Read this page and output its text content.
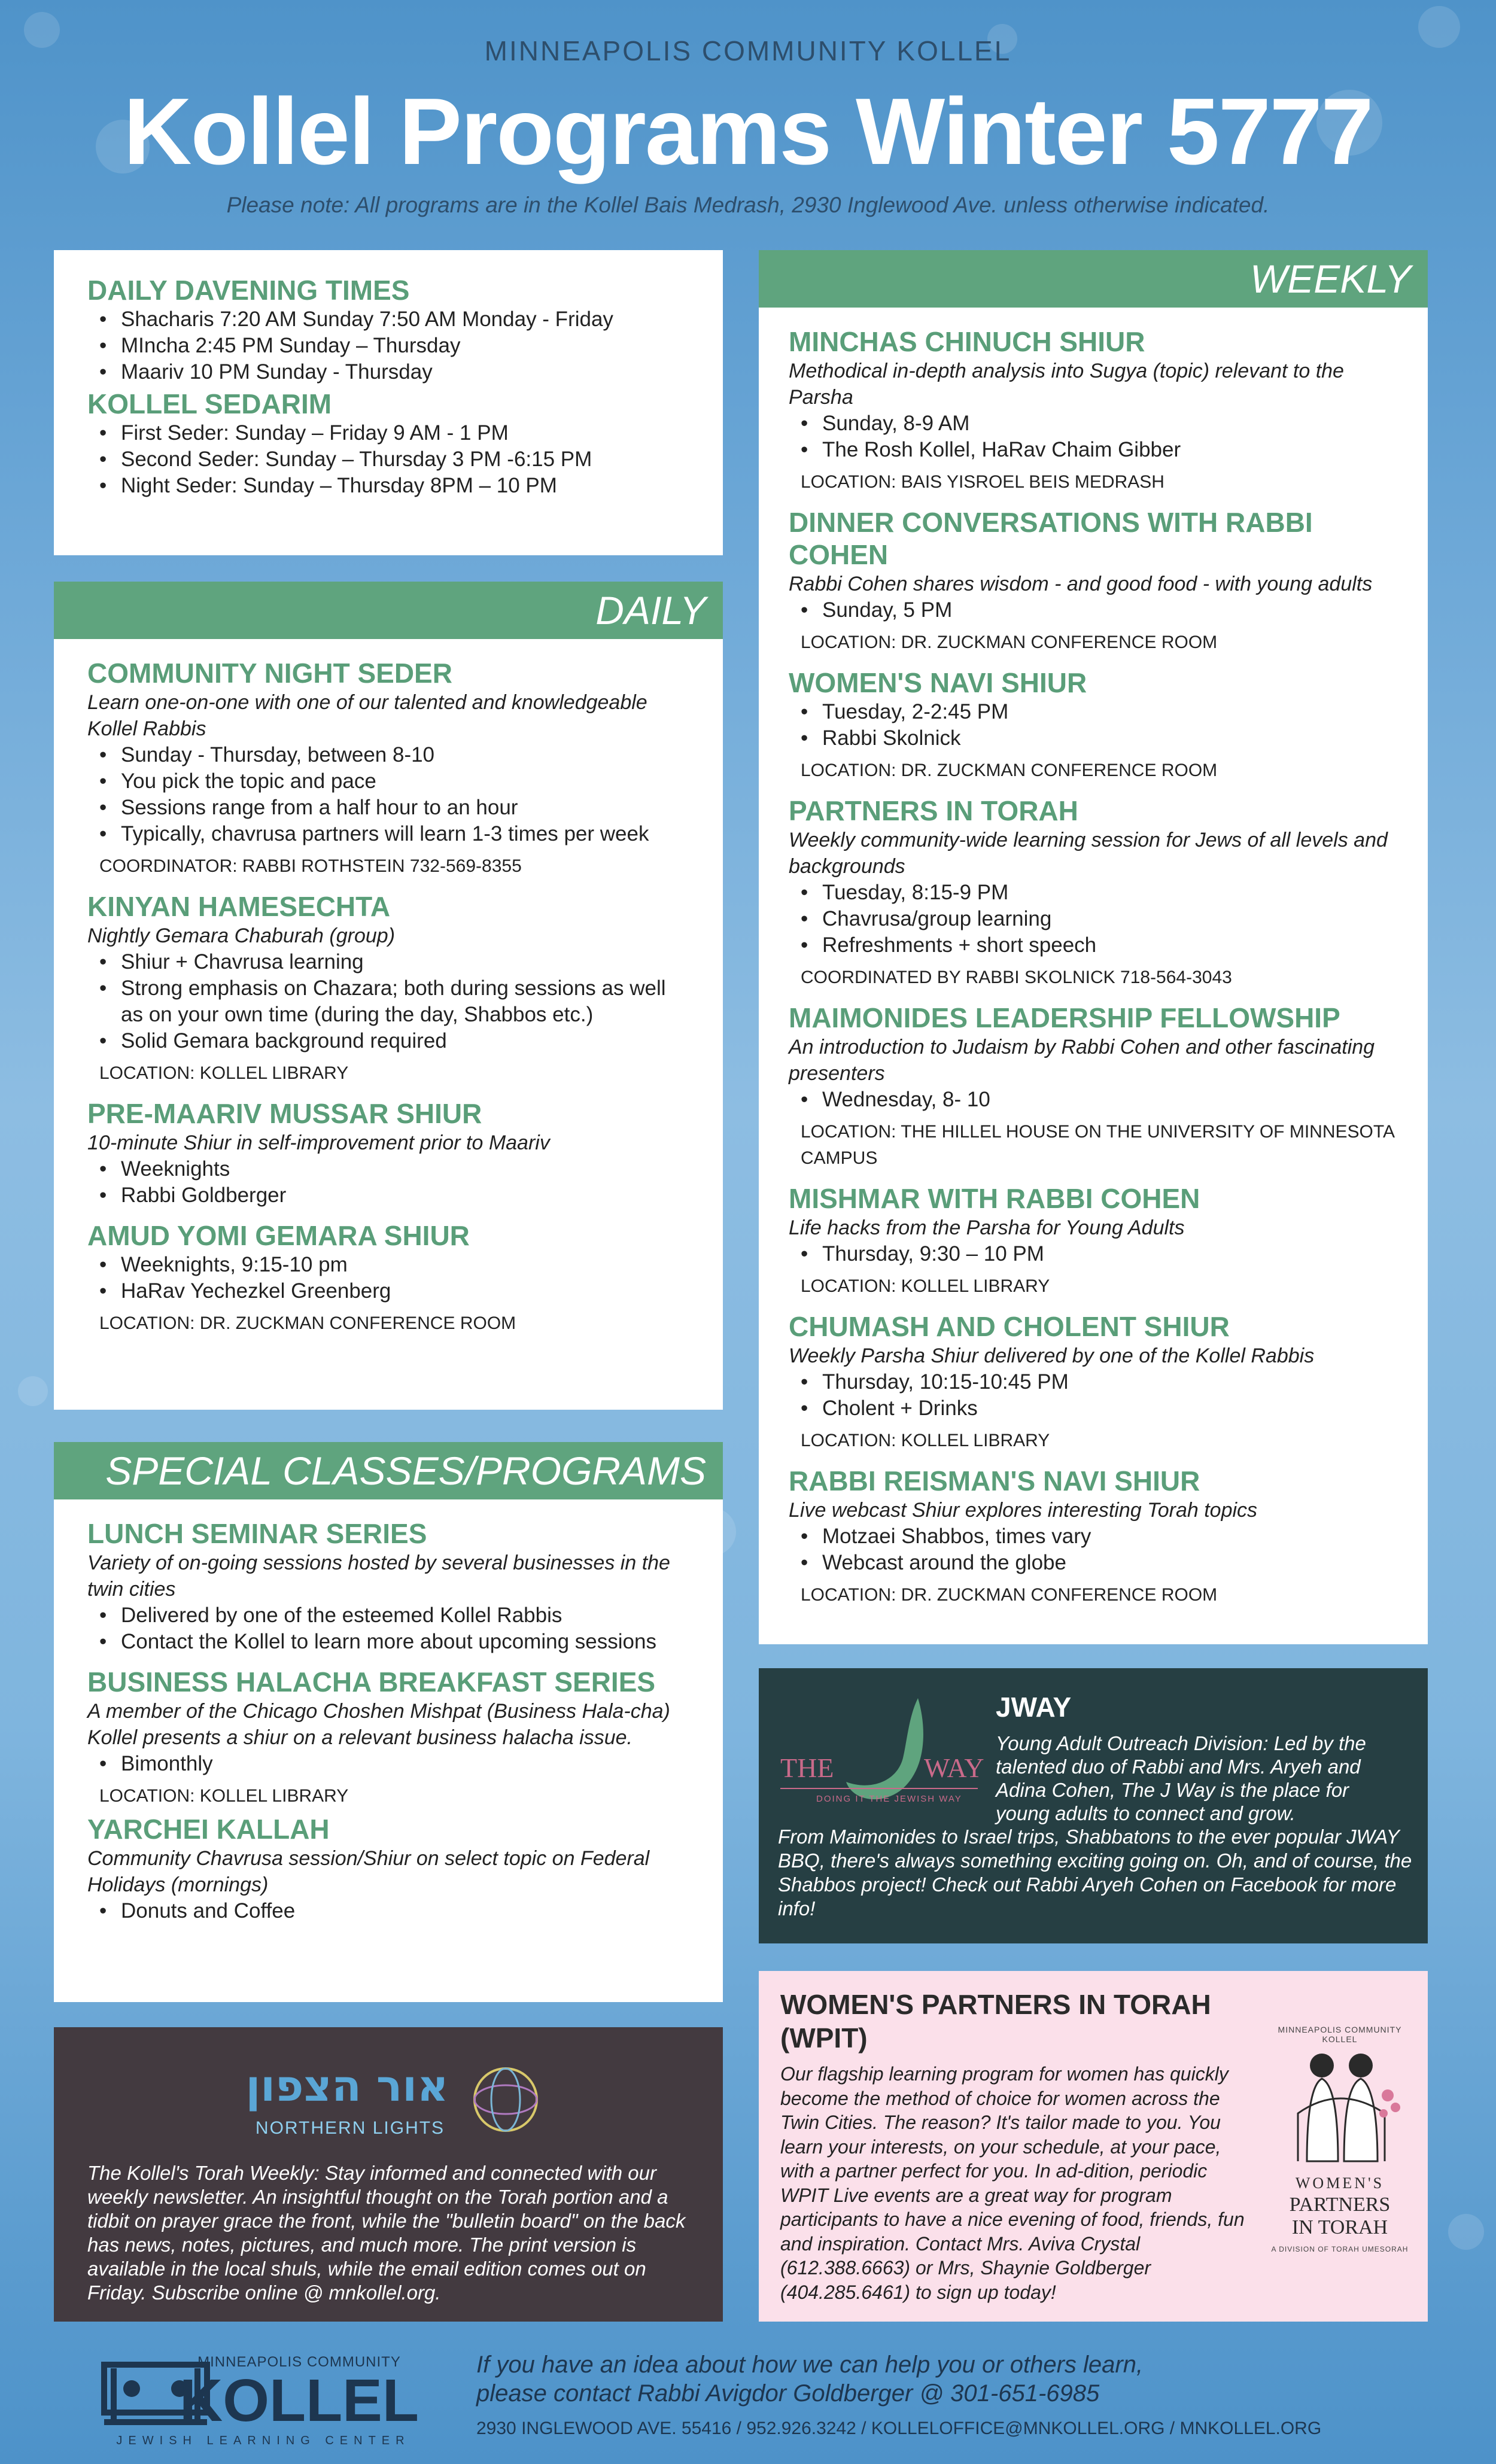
MINNEAPOLIS COMMUNITY KOLLEL
Kollel Programs Winter 5777
Please note: All programs are in the Kollel Bais Medrash, 2930 Inglewood Ave. unless otherwise indicated.
DAILY DAVENING TIMES
• Shacharis 7:20 AM Sunday 7:50 AM Monday - Friday
• MIncha 2:45 PM Sunday – Thursday
• Maariv 10 PM Sunday - Thursday
KOLLEL SEDARIM
• First Seder: Sunday – Friday 9 AM - 1 PM
• Second Seder: Sunday – Thursday 3 PM -6:15 PM
• Night Seder: Sunday – Thursday 8PM – 10 PM
DAILY
COMMUNITY NIGHT SEDER
Learn one-on-one with one of our talented and knowledgeable Kollel Rabbis
• Sunday - Thursday, between 8-10
• You pick the topic and pace
• Sessions range from a half hour to an hour
• Typically, chavrusa partners will learn 1-3 times per week
COORDINATOR: RABBI ROTHSTEIN 732-569-8355
KINYAN HAMESECHTA
Nightly Gemara Chaburah (group)
• Shiur + Chavrusa learning
• Strong emphasis on Chazara; both during sessions as well as on your own time (during the day, Shabbos etc.)
• Solid Gemara background required
LOCATION: KOLLEL LIBRARY
PRE-MAARIV MUSSAR SHIUR
10-minute Shiur in self-improvement prior to Maariv
• Weeknights
• Rabbi Goldberger
AMUD YOMI GEMARA SHIUR
• Weeknights, 9:15-10 pm
• HaRav Yechezkel Greenberg
LOCATION: DR. ZUCKMAN CONFERENCE ROOM
SPECIAL CLASSES/PROGRAMS
LUNCH SEMINAR SERIES
Variety of on-going sessions hosted by several businesses in the twin cities
• Delivered by one of the esteemed Kollel Rabbis
• Contact the Kollel to learn more about upcoming sessions
BUSINESS HALACHA BREAKFAST SERIES
A member of the Chicago Choshen Mishpat (Business Hala-cha) Kollel presents a shiur on a relevant business halacha issue.
• Bimonthly
LOCATION: KOLLEL LIBRARY
YARCHEI KALLAH
Community Chavrusa session/Shiur on select topic on Federal Holidays (mornings)
• Donuts and Coffee
WEEKLY
MINCHAS CHINUCH SHIUR
Methodical in-depth analysis into Sugya (topic) relevant to the Parsha
• Sunday, 8-9 AM
• The Rosh Kollel, HaRav Chaim Gibber
LOCATION: BAIS YISROEL BEIS MEDRASH
DINNER CONVERSATIONS WITH RABBI COHEN
Rabbi Cohen shares wisdom - and good food - with young adults
• Sunday, 5 PM
LOCATION: DR. ZUCKMAN CONFERENCE ROOM
WOMEN'S NAVI SHIUR
• Tuesday, 2-2:45 PM
• Rabbi Skolnick
LOCATION: DR. ZUCKMAN CONFERENCE ROOM
PARTNERS IN TORAH
Weekly community-wide learning session for Jews of all levels and backgrounds
• Tuesday, 8:15-9 PM
• Chavrusa/group learning
• Refreshments + short speech
COORDINATED BY RABBI SKOLNICK 718-564-3043
MAIMONIDES LEADERSHIP FELLOWSHIP
An introduction to Judaism by Rabbi Cohen and other fascinating presenters
• Wednesday, 8- 10
LOCATION: THE HILLEL HOUSE ON THE UNIVERSITY OF MINNESOTA CAMPUS
MISHMAR WITH RABBI COHEN
Life hacks from the Parsha for Young Adults
• Thursday, 9:30 – 10 PM
LOCATION: KOLLEL LIBRARY
CHUMASH AND CHOLENT SHIUR
Weekly Parsha Shiur delivered by one of the Kollel Rabbis
• Thursday, 10:15-10:45 PM
• Cholent + Drinks
LOCATION: KOLLEL LIBRARY
RABBI REISMAN'S NAVI SHIUR
Live webcast Shiur explores interesting Torah topics
• Motzaei Shabbos, times vary
• Webcast around the globe
LOCATION: DR. ZUCKMAN CONFERENCE ROOM
THE	WAY
DOING IT THE JEWISH WAY
JWAY
Young Adult Outreach Division: Led by the talented duo of Rabbi and Mrs. Aryeh and Adina Cohen, The J Way is the place for young adults to connect and grow.
From Maimonides to Israel trips, Shabbatons to the ever popular JWAY BBQ, there's always something exciting going on. Oh, and of course, the Shabbos project! Check out Rabbi Aryeh Cohen on Facebook for more info!
WOMEN'S PARTNERS IN TORAH (WPIT)
Our flagship learning program for women has quickly become the method of choice for women across the Twin Cities. The reason? It's tailor made to you. You learn your interests, on your schedule, at your pace, with a partner perfect for you. In ad-dition, periodic WPIT Live events are a great way for program participants to have a nice evening of food, friends, fun and inspiration. Contact Mrs. Aviva Crystal (612.388.6663) or Mrs, Shaynie Goldberger (404.285.6461) to sign up today!
MINNEAPOLIS COMMUNITY KOLLEL
WOMEN'S
PARTNERS
IN TORAH
A DIVISION OF TORAH UMESORAH
אור הצפון
NORTHERN LIGHTS
The Kollel's Torah Weekly: Stay informed and connected with our weekly newsletter. An insightful thought on the Torah portion and a tidbit on prayer grace the front, while the "bulletin board" on the back has news, notes, pictures, and much more. The print version is available in the local shuls, while the email edition comes out on Friday. Subscribe online @ mnkollel.org.
MINNEAPOLIS COMMUNITY
KOLLEL
JEWISH LEARNING CENTER
If you have an idea about how we can help you or others learn,
please contact Rabbi Avigdor Goldberger @ 301-651-6985
2930 INGLEWOOD AVE. 55416 / 952.926.3242 / KOLLELOFFICE@MNKOLLEL.ORG / MNKOLLEL.ORG
